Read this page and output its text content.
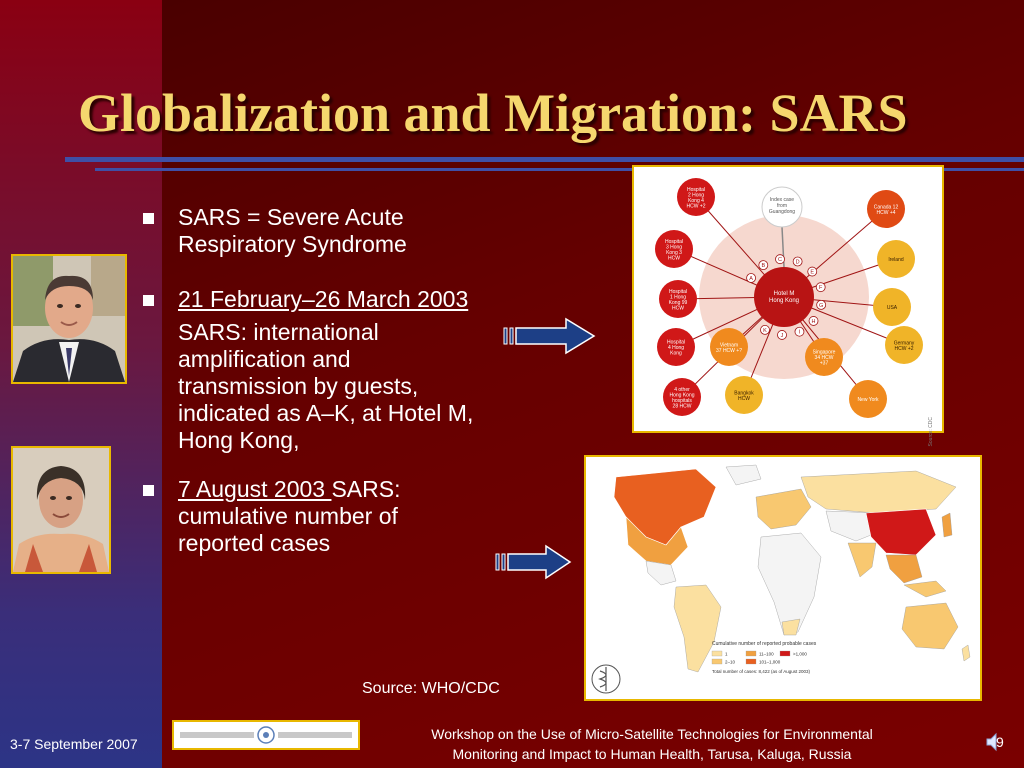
Globalization and Migration: SARS
SARS = Severe Acute Respiratory Syndrome
21 February–26 March 2003
SARS: international amplification and transmission by guests, indicated as A–K, at Hotel M, Hong Kong,
7 August 2003 SARS: cumulative number of reported cases
Hospital 2 Hong Kong 4 HCW +2
Hospital 3 Hong Kong 3 HCW
Hospital 1 Hong Kong 99 HCW
Hospital 4 Hong Kong
4 other Hong Kong hospitals 28 HCW
Canada 12 HCW +4
Ireland
USA
Germany HCW +2
Vietnam 37 HCW +?	Singapore 34 HCW +37
Bangkok HCW	New York
A
B
C D
E
F
G
H
I
J
K
Hotel M Hong Kong
Index case from Guangdong
Source: CDC
Cumulative number of reported probable cases
1
2–10
11–100
101–1,000
>1,000
Total number of cases: 8,422 (as of August 2003)
Source: WHO/CDC
3-7 September 2007
Workshop on the Use of Micro-Satellite Technologies for Environmental
Monitoring and Impact to Human Health, Tarusa, Kaluga, Russia
9
